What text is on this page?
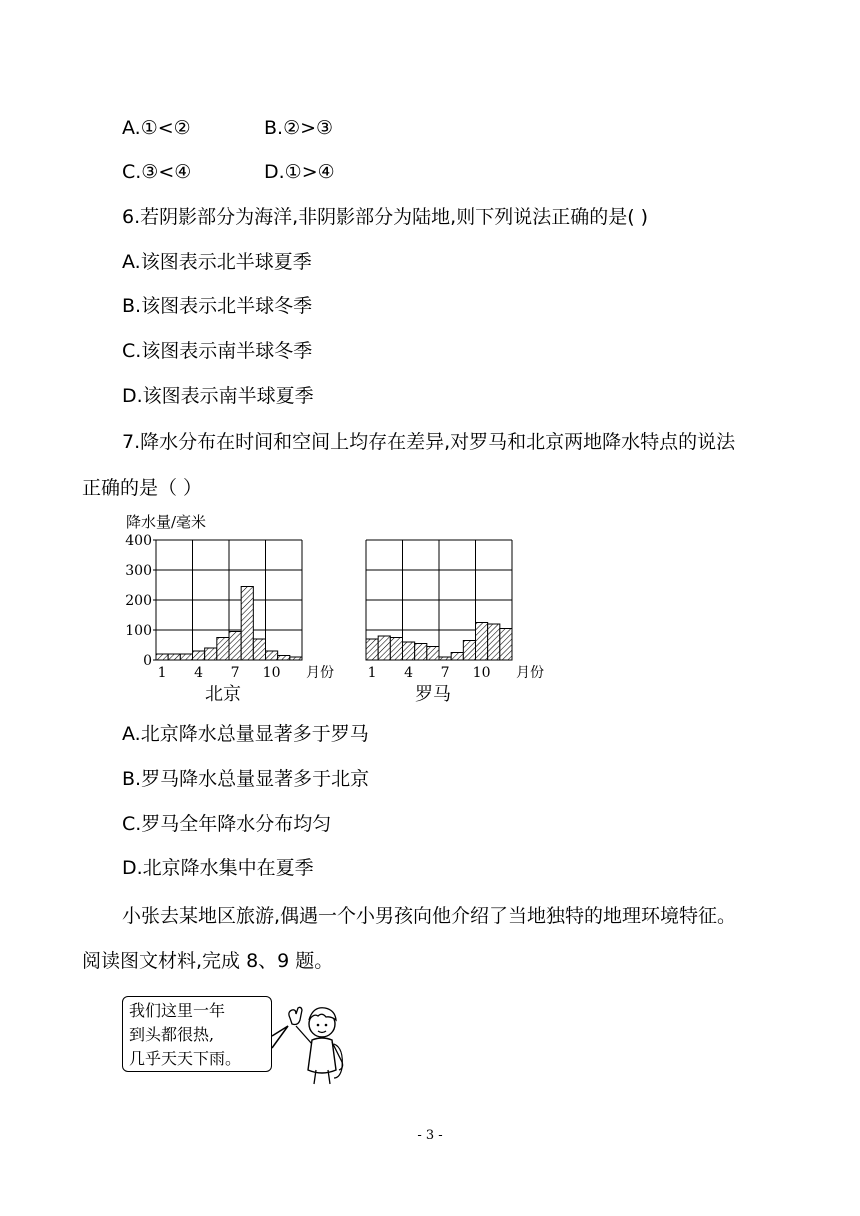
A.①<②	B.②>③
C.③<④	D.①>④
6.若阴影部分为海洋,非阴影部分为陆地,则下列说法正确的是( )
A.该图表示北半球夏季
B.该图表示北半球冬季
C.该图表示南半球冬季
D.该图表示南半球夏季
7.降水分布在时间和空间上均存在差异,对罗马和北京两地降水特点的说法
正确的是（ ）
降水量/毫米
400
300
200
100
0
1 4 7 10 月份
北京
1 4 7 10 月份
罗马
A.北京降水总量显著多于罗马
B.罗马降水总量显著多于北京
C.罗马全年降水分布均匀
D.北京降水集中在夏季
小张去某地区旅游,偶遇一个小男孩向他介绍了当地独特的地理环境特征。
阅读图文材料,完成 8、9 题。
我们这里一年
到头都很热,
几乎天天下雨。
- 3 -
